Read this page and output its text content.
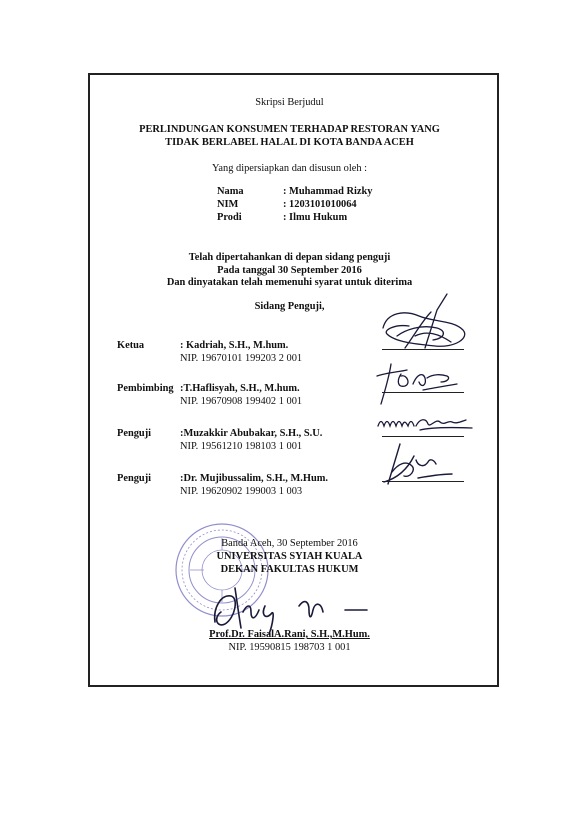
Skripsi Berjudul
PERLINDUNGAN KONSUMEN TERHADAP RESTORAN YANG
TIDAK BERLABEL HALAL DI KOTA BANDA ACEH
Yang dipersiapkan dan disusun oleh :
Nama	: Muhammad Rizky
NIM	: 1203101010064
Prodi	: Ilmu Hukum
Telah dipertahankan di depan sidang penguji
Pada tanggal 30 September 2016
Dan dinyatakan telah memenuhi syarat untuk diterima
Sidang Penguji,
Ketua	: Kadriah, S.H., M.hum.
NIP. 19670101 199203 2 001
Pembimbing :T.Haflisyah, S.H., M.hum.
NIP. 19670908 199402 1 001
Penguji	:Muzakkir Abubakar, S.H., S.U.
NIP. 19561210 198103 1 001
Penguji	:Dr. Mujibussalim, S.H., M.Hum.
NIP. 19620902 199003 1 003
Banda Aceh, 30 September 2016
UNIVERSITAS SYIAH KUALA
DEKAN FAKULTAS HUKUM
Prof.Dr. FaisalA.Rani, S.H.,M.Hum.
NIP. 19590815 198703 1 001
